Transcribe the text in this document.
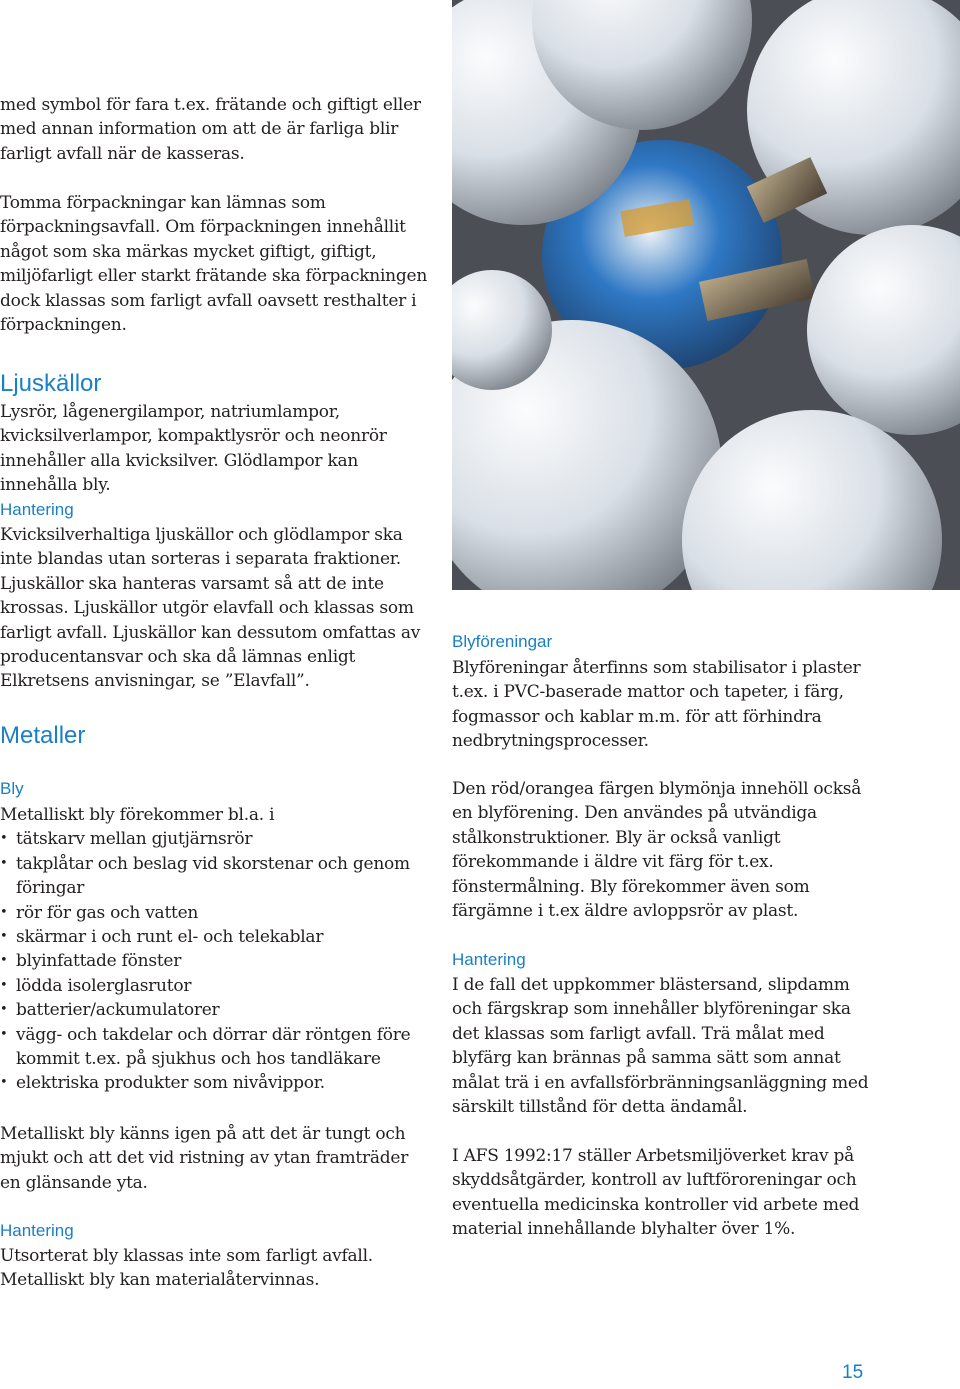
med symbol för fara t.ex. frätande och giftigt eller med annan information om att de är farliga blir farligt avfall när de kasseras.

Tomma förpackningar kan lämnas som förpackningsavfall. Om förpackningen innehållit något som ska märkas mycket giftigt, giftigt, miljöfarligt eller starkt frätande ska förpackningen dock klassas som farligt avfall oavsett resthalter i förpackningen.

Ljuskällor

Lysrör, lågenergilampor, natriumlampor, kvicksilverlampor, kompaktlysrör och neonrör innehåller alla kvicksilver. Glödlampor kan innehålla bly.

Hantering

Kvicksilverhaltiga ljuskällor och glödlampor ska inte blandas utan sorteras i separata fraktioner. Ljuskällor ska hanteras varsamt så att de inte krossas. Ljuskällor utgör elavfall och klassas som farligt avfall. Ljuskällor kan dessutom omfattas av producentansvar och ska då lämnas enligt Elkretsens anvisningar, se ”Elavfall”.

Metaller
Bly

Metalliskt bly förekommer bl.a. i

• tätskarv mellan gjutjärnsrör
• takplåtar och beslag vid skorstenar och genom föringar
• rör för gas och vatten
• skärmar i och runt el- och telekablar
• blyinfattade fönster
• lödda isolerglasrutor
• batterier/ackumulatorer
• vägg- och takdelar och dörrar där röntgen före kommit t.ex. på sjukhus och hos tandläkare
• elektriska produkter som nivåvippor.

Metalliskt bly känns igen på att det är tungt och mjukt och att det vid ristning av ytan framträder en glänsande yta.

Hantering

Utsorterat bly klassas inte som farligt avfall. Metalliskt bly kan materialåtervinnas.

Blyföreningar

Blyföreningar återfinns som stabilisator i plaster t.ex. i PVC-baserade mattor och tapeter, i färg, fogmassor och kablar m.m. för att förhindra nedbrytningsprocesser.

Den röd/orangea färgen blymönja innehöll också en blyförening. Den användes på utvändiga stålkonstruktioner. Bly är också vanligt förekommande i äldre vit färg för t.ex. fönstermålning. Bly förekommer även som färgämne i t.ex äldre avloppsrör av plast.

Hantering

I de fall det uppkommer blästersand, slipdamm och färgskrap som innehåller blyföreningar ska det klassas som farligt avfall. Trä målat med blyfärg kan brännas på samma sätt som annat målat trä i en avfallsförbränningsanläggning med särskilt tillstånd för detta ändamål.

I AFS 1992:17 ställer Arbetsmiljöverket krav på skyddsåtgärder, kontroll av luftföroreningar och eventuella medicinska kontroller vid arbete med material innehållande blyhalter över 1%.

15
